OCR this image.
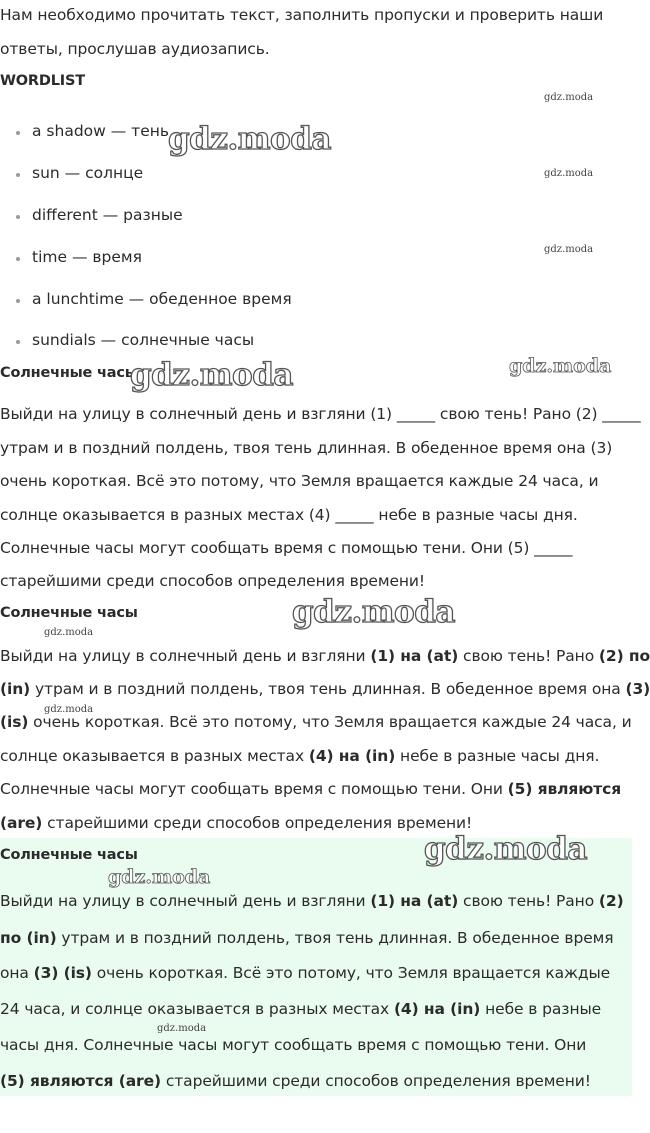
Нам необходимо прочитать текст, заполнить пропуски и проверить наши
ответы, прослушав аудиозапись.
WORDLIST
a shadow — тень
sun — солнце
different — разные
time — время
a lunchtime — обеденное время
sundials — солнечные часы
Солнечные часы
Выйди на улицу в солнечный день и взгляни (1) _____ свою тень! Рано (2) _____
утрам и в поздний полдень, твоя тень длинная. В обеденное время она (3)
очень короткая. Всё это потому, что Земля вращается каждые 24 часа, и
солнце оказывается в разных местах (4) _____ небе в разные часы дня.
Солнечные часы могут сообщать время с помощью тени. Они (5) _____
старейшими среди способов определения времени!
Солнечные часы
Выйди на улицу в солнечный день и взгляни (1) на (at) свою тень! Рано (2) по
(in) утрам и в поздний полдень, твоя тень длинная. В обеденное время она (3)
(is) очень короткая. Всё это потому, что Земля вращается каждые 24 часа, и
солнце оказывается в разных местах (4) на (in) небе в разные часы дня.
Солнечные часы могут сообщать время с помощью тени. Они (5) являются
(are) старейшими среди способов определения времени!
Солнечные часы
Выйди на улицу в солнечный день и взгляни (1) на (at) свою тень! Рано (2)
по (in) утрам и в поздний полдень, твоя тень длинная. В обеденное время
она (3) (is) очень короткая. Всё это потому, что Земля вращается каждые
24 часа, и солнце оказывается в разных местах (4) на (in) небе в разные
часы дня. Солнечные часы могут сообщать время с помощью тени. Они
(5) являются (are) старейшими среди способов определения времени!
gdz.moda
gdz.moda
gdz.moda
gdz.moda
gdz.moda	gdz.moda
gdz.moda
gdz.moda
gdz.moda
gdz.moda
gdz.moda
gdz.moda
